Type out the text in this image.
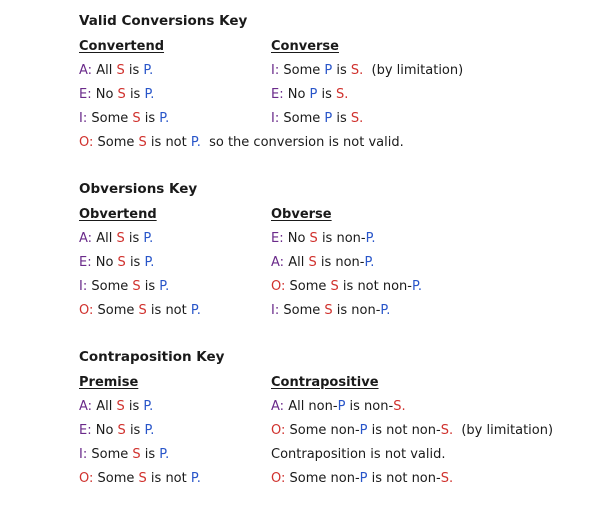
Valid Conversions Key
Convertend	Converse
A: All S is P.	I: Some P is S.  (by limitation)
E: No S is P.	E: No P is S.
I: Some S is P.	I: Some P is S.
O: Some S is not P.  so the conversion is not valid.
Obversions Key
Obvertend	Obverse
A: All S is P.	E: No S is non-P.
E: No S is P.	A: All S is non-P.
I: Some S is P.	O: Some S is not non-P.
O: Some S is not P.	I: Some S is non-P.
Contraposition Key
Premise	Contrapositive
A: All S is P.	A: All non-P is non-S.
E: No S is P.	O: Some non-P is not non-S.  (by limitation)
I: Some S is P.	Contraposition is not valid.
O: Some S is not P.	O: Some non-P is not non-S.
